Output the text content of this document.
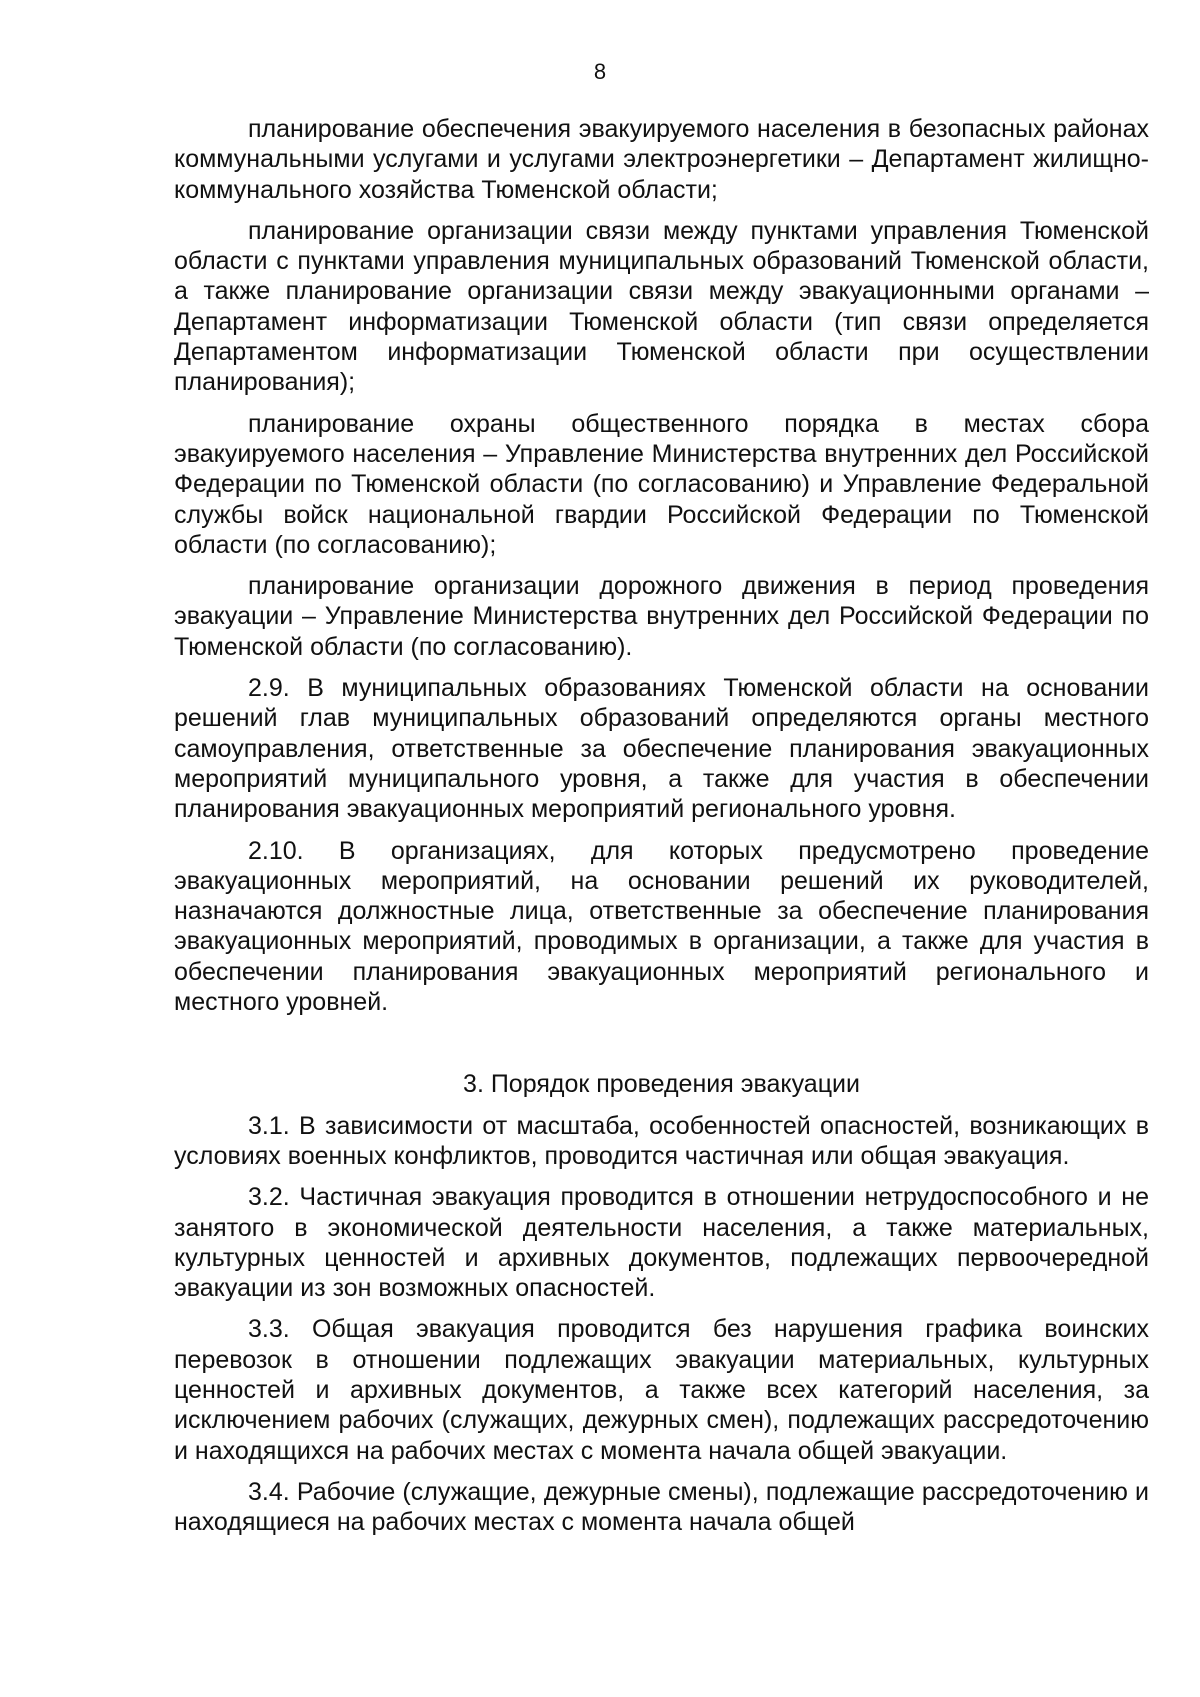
8

планирование обеспечения эвакуируемого населения в безопасных районах коммунальными услугами и услугами электроэнергетики – Департамент жилищно-коммунального хозяйства Тюменской области;

планирование организации связи между пунктами управления Тюменской области с пунктами управления муниципальных образований Тюменской области, а также планирование организации связи между эвакуационными органами – Департамент информатизации Тюменской области (тип связи определяется Департаментом информатизации Тюменской области при осуществлении планирования);

планирование охраны общественного порядка в местах сбора эвакуируемого населения – Управление Министерства внутренних дел Российской Федерации по Тюменской области (по согласованию) и Управление Федеральной службы войск национальной гвардии Российской Федерации по Тюменской области (по согласованию);

планирование организации дорожного движения в период проведения эвакуации – Управление Министерства внутренних дел Российской Федерации по Тюменской области (по согласованию).

2.9. В муниципальных образованиях Тюменской области на основании решений глав муниципальных образований определяются органы местного самоуправления, ответственные за обеспечение планирования эвакуационных мероприятий муниципального уровня, а также для участия в обеспечении планирования эвакуационных мероприятий регионального уровня.

2.10. В организациях, для которых предусмотрено проведение эвакуационных мероприятий, на основании решений их руководителей, назначаются должностные лица, ответственные за обеспечение планирования эвакуационных мероприятий, проводимых в организации, а также для участия в обеспечении планирования эвакуационных мероприятий регионального и местного уровней.

3. Порядок проведения эвакуации

3.1. В зависимости от масштаба, особенностей опасностей, возникающих в условиях военных конфликтов, проводится частичная или общая эвакуация.

3.2. Частичная эвакуация проводится в отношении нетрудоспособного и не занятого в экономической деятельности населения, а также материальных, культурных ценностей и архивных документов, подлежащих первоочередной эвакуации из зон возможных опасностей.

3.3. Общая эвакуация проводится без нарушения графика воинских перевозок в отношении подлежащих эвакуации материальных, культурных ценностей и архивных документов, а также всех категорий населения, за исключением рабочих (служащих, дежурных смен), подлежащих рассредоточению и находящихся на рабочих местах с момента начала общей эвакуации.

3.4. Рабочие (служащие, дежурные смены), подлежащие рассредоточению и находящиеся на рабочих местах с момента начала общей
